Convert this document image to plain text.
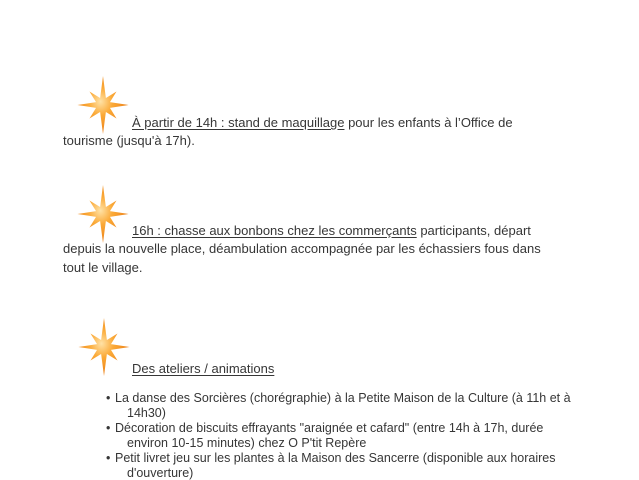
À partir de 14h : stand de maquillage pour les enfants à l’Office de tourisme (jusqu'à 17h).

16h : chasse aux bonbons chez les commerçants participants, départ depuis la nouvelle place, déambulation accompagnée par les échassiers fous dans tout le village.

Des ateliers / animations

• La danse des Sorcières (chorégraphie) à la Petite Maison de la Culture (à 11h et à 14h30)
• Décoration de biscuits effrayants "araignée et cafard" (entre 14h à 17h, durée environ 10-15 minutes) chez O P'tit Repère
• Petit livret jeu sur les plantes à la Maison des Sancerre (disponible aux horaires d'ouverture)
